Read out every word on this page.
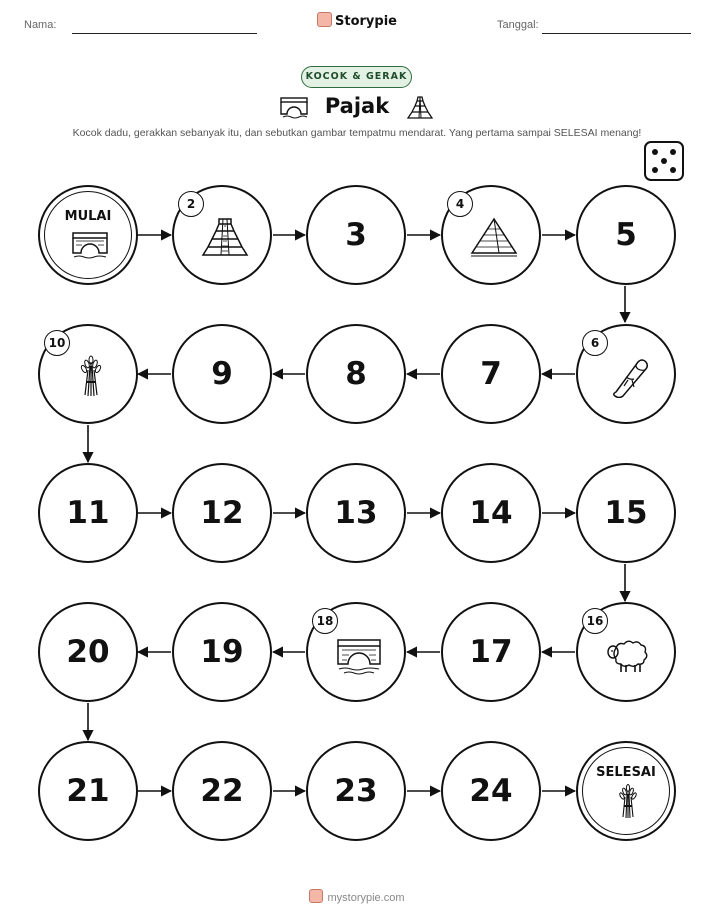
Nama:	Tanggal:
Storypie
KOCOK & GERAK
Pajak
Kocok dadu, gerakkan sebanyak itu, dan sebutkan gambar tempatmu mendarat. Yang pertama sampai SELESAI menang!
MULAI
2
3
4
5
6
7
8
9
10
11	12	13	14	15
16
17
18
19
20
21	22	23	24
SELESAI
mystorypie.com
